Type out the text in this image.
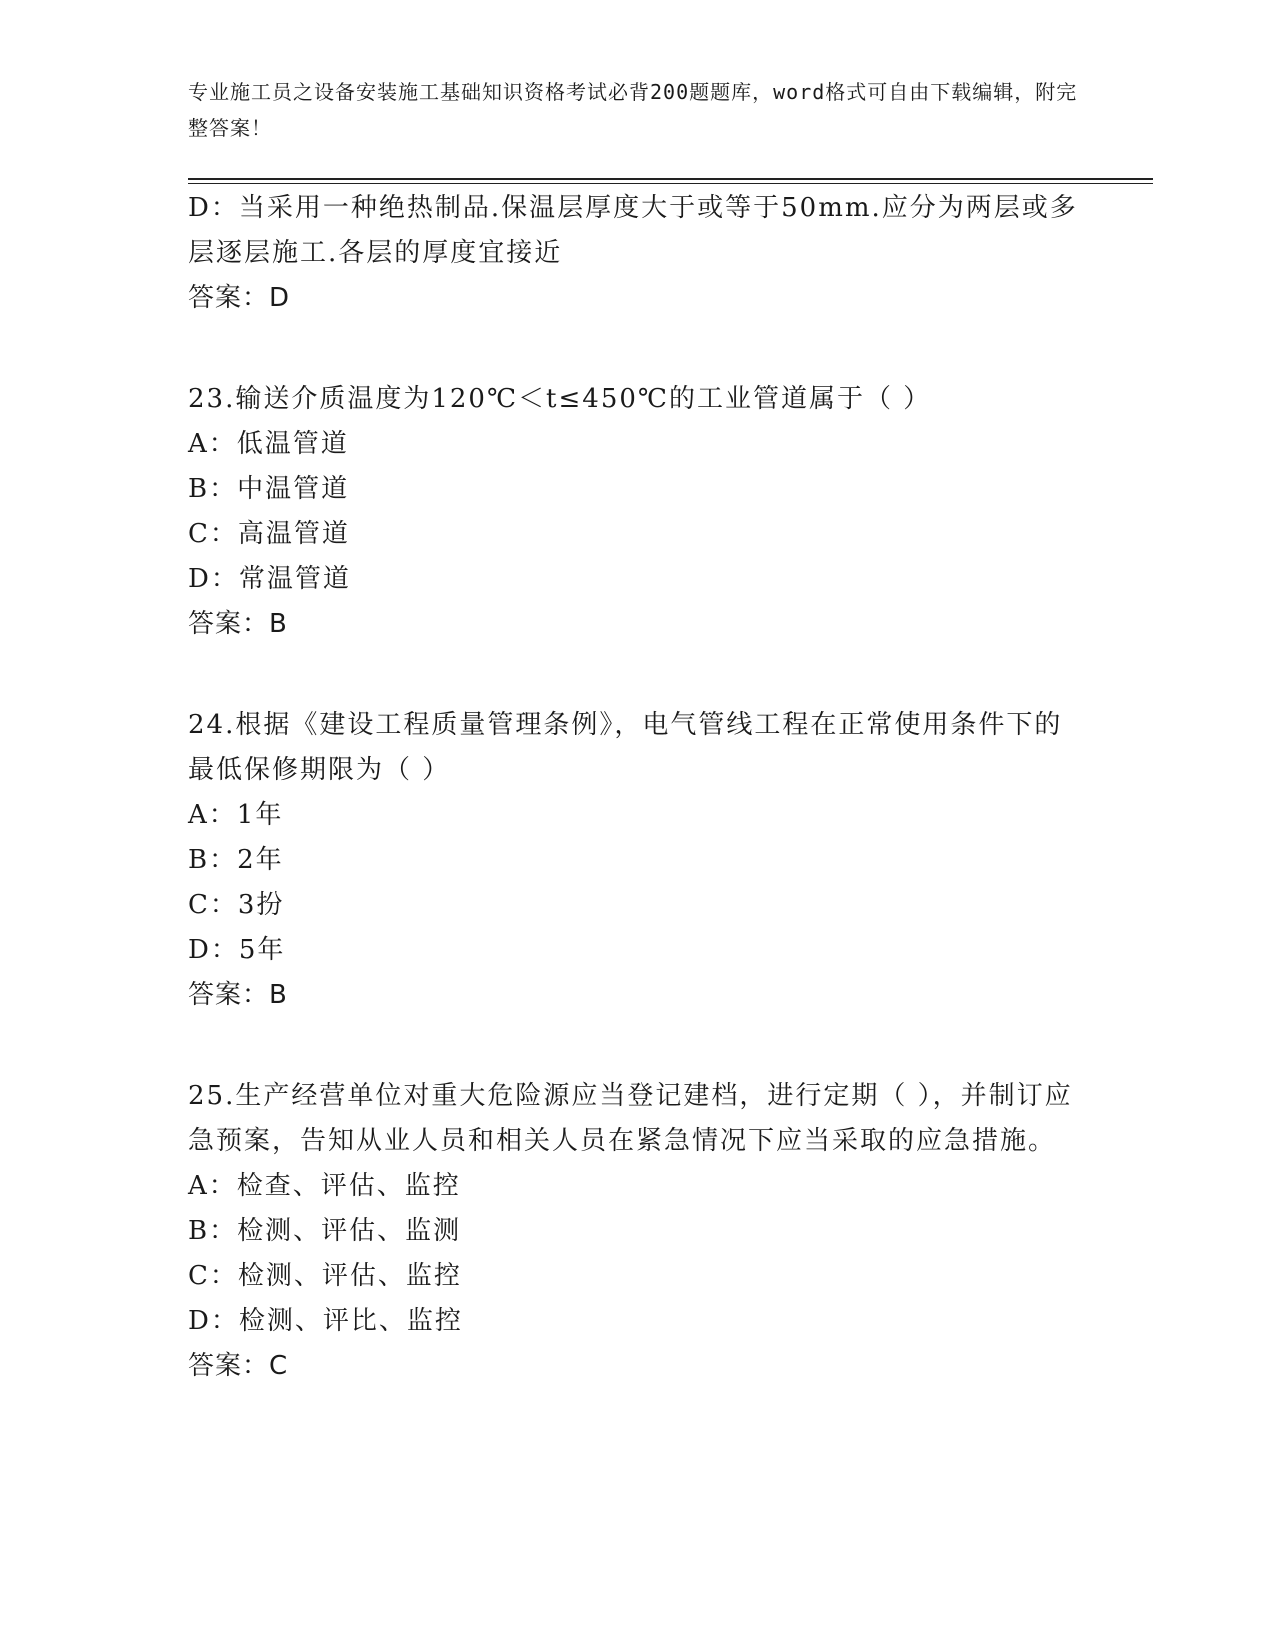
专业施工员之设备安装施工基础知识资格考试必背200题题库，word格式可自由下载编辑，附完整答案！
D：当采用一种绝热制品.保温层厚度大于或等于50mm.应分为两层或多层逐层施工.各层的厚度宜接近
答案：D
23.输送介质温度为120℃＜t≤450℃的工业管道属于（ ）
A：低温管道
B：中温管道
C：高温管道
D：常温管道
答案：B
24.根据《建设工程质量管理条例》，电气管线工程在正常使用条件下的最低保修期限为（ ）
A：1年
B：2年
C：3扮
D：5年
答案：B
25.生产经营单位对重大危险源应当登记建档，进行定期（ ），并制订应急预案，告知从业人员和相关人员在紧急情况下应当采取的应急措施。
A：检查、评估、监控
B：检测、评估、监测
C：检测、评估、监控
D：检测、评比、监控
答案：C
